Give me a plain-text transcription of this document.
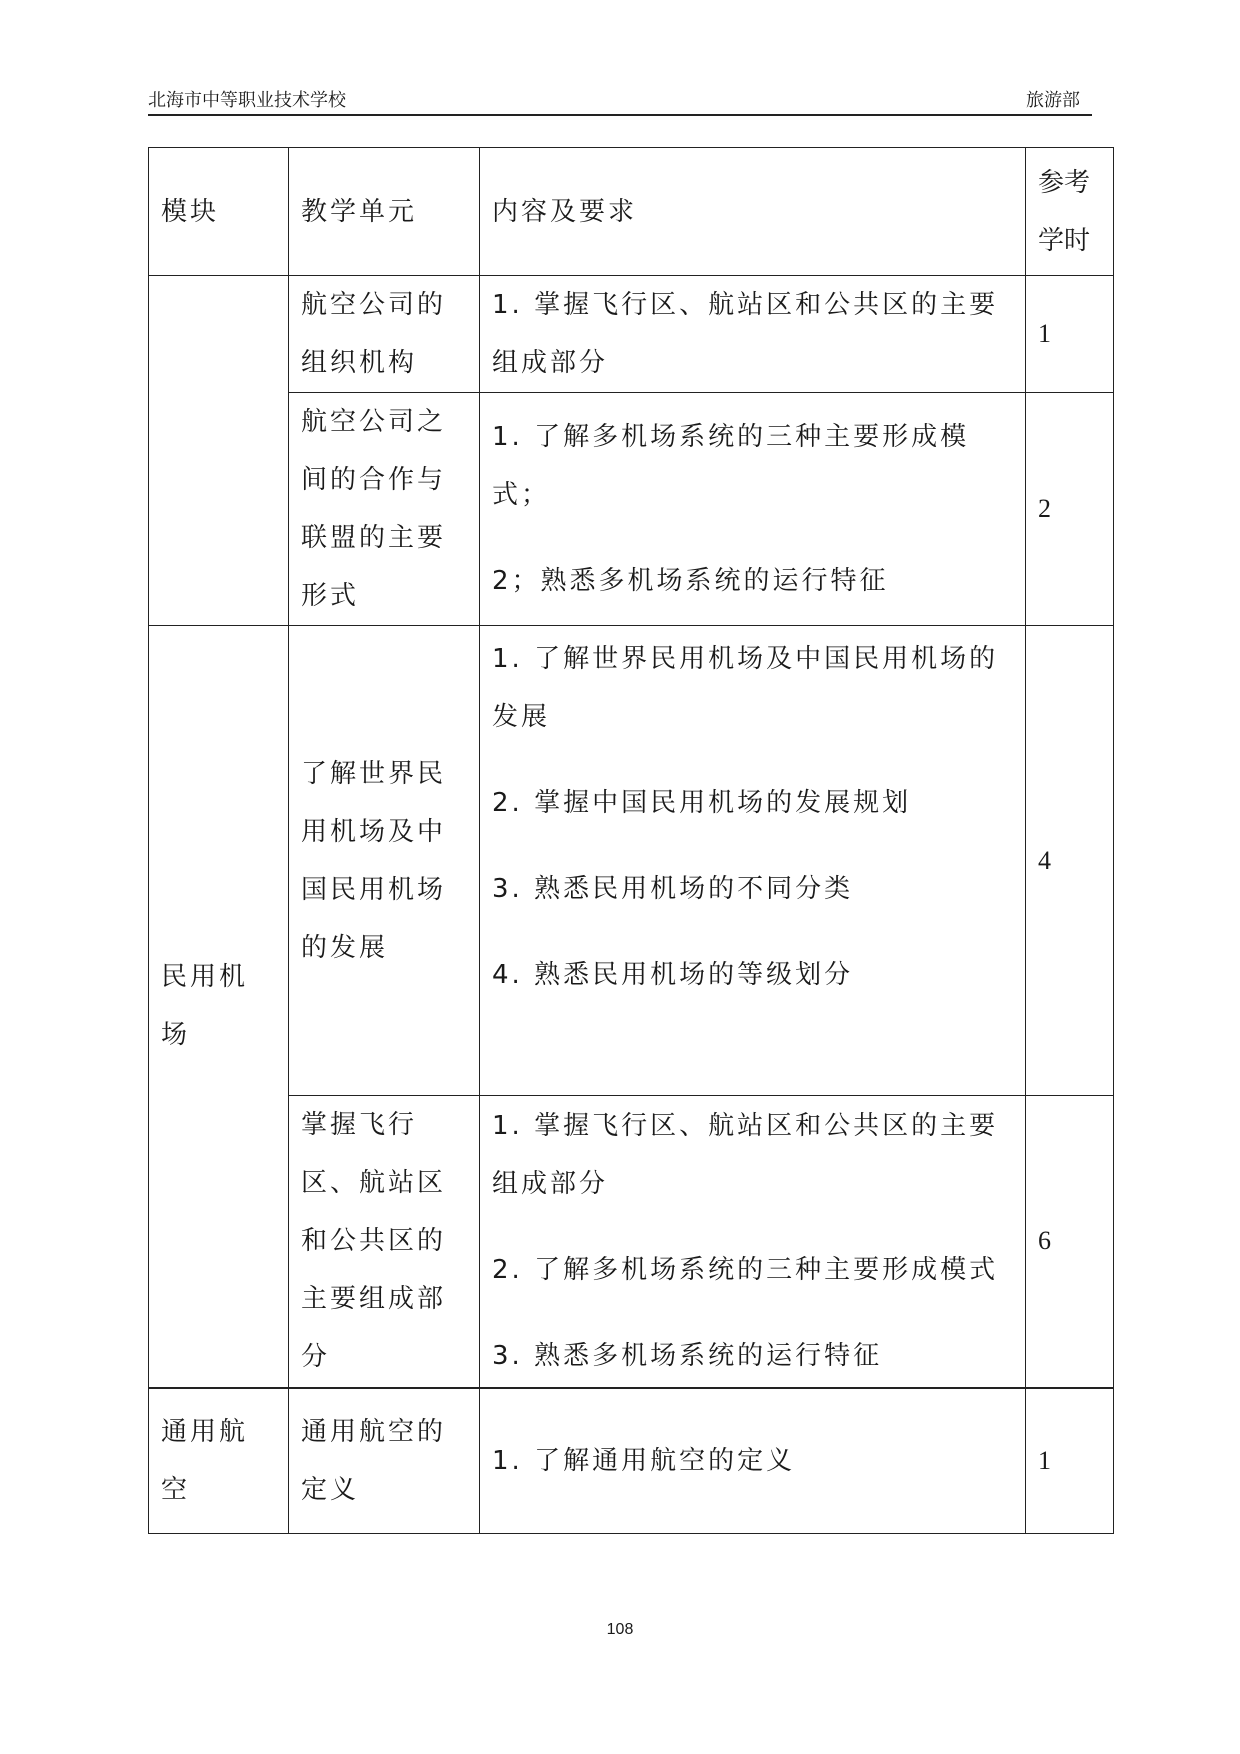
北海市中等职业技术学校	旅游部
模块	教学单元	内容及要求	参考
学时

	航空公司的
组织机构	1. 掌握飞行区、航站区和公共区的主要
组成部分	1

	航空公司之
间的合作与
联盟的主要
形式	1. 了解多机场系统的三种主要形成模
式；
2；熟悉多机场系统的运行特征	2
民用机场	了解世界民
用机场及中
国民用机场
的发展	1. 了解世界民用机场及中国民用机场的
发展
2. 掌握中国民用机场的发展规划
3. 熟悉民用机场的不同分类
4. 熟悉民用机场的等级划分	4

	掌握飞行
区、航站区
和公共区的
主要组成部
分	1. 掌握飞行区、航站区和公共区的主要
组成部分
2. 了解多机场系统的三种主要形成模式
3. 熟悉多机场系统的运行特征	6
通用航空	通用航空的
定义	1. 了解通用航空的定义	1
108
